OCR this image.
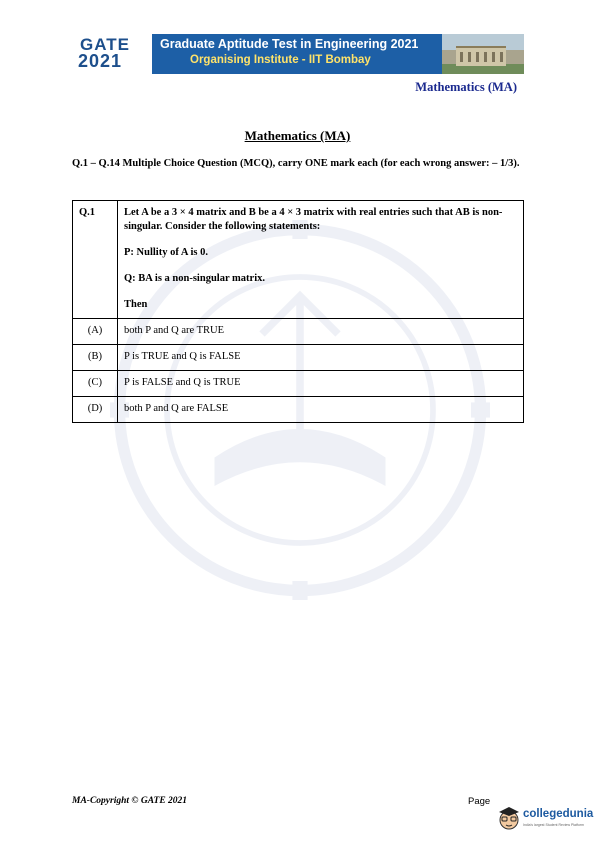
GATE
2021
Graduate Aptitude Test in Engineering 2021
Organising Institute - IIT Bombay
Mathematics (MA)
Mathematics (MA)
Q.1 – Q.14 Multiple Choice Question (MCQ), carry ONE mark each (for each wrong answer: – 1/3).
Q.1	Let A be a 3 × 4 matrix and B be a 4 × 3 matrix with real entries such that AB is non-singular. Consider the following statements:

P: Nullity of A is 0.

Q: BA is a non-singular matrix.

Then

(A)	both P and Q are TRUE
(B)	P is TRUE and Q is FALSE
(C)	P is FALSE and Q is TRUE
(D)	both P and Q are FALSE
MA-Copyright © GATE 2021	Page
collegedunia
India's largest Student Review Platform
